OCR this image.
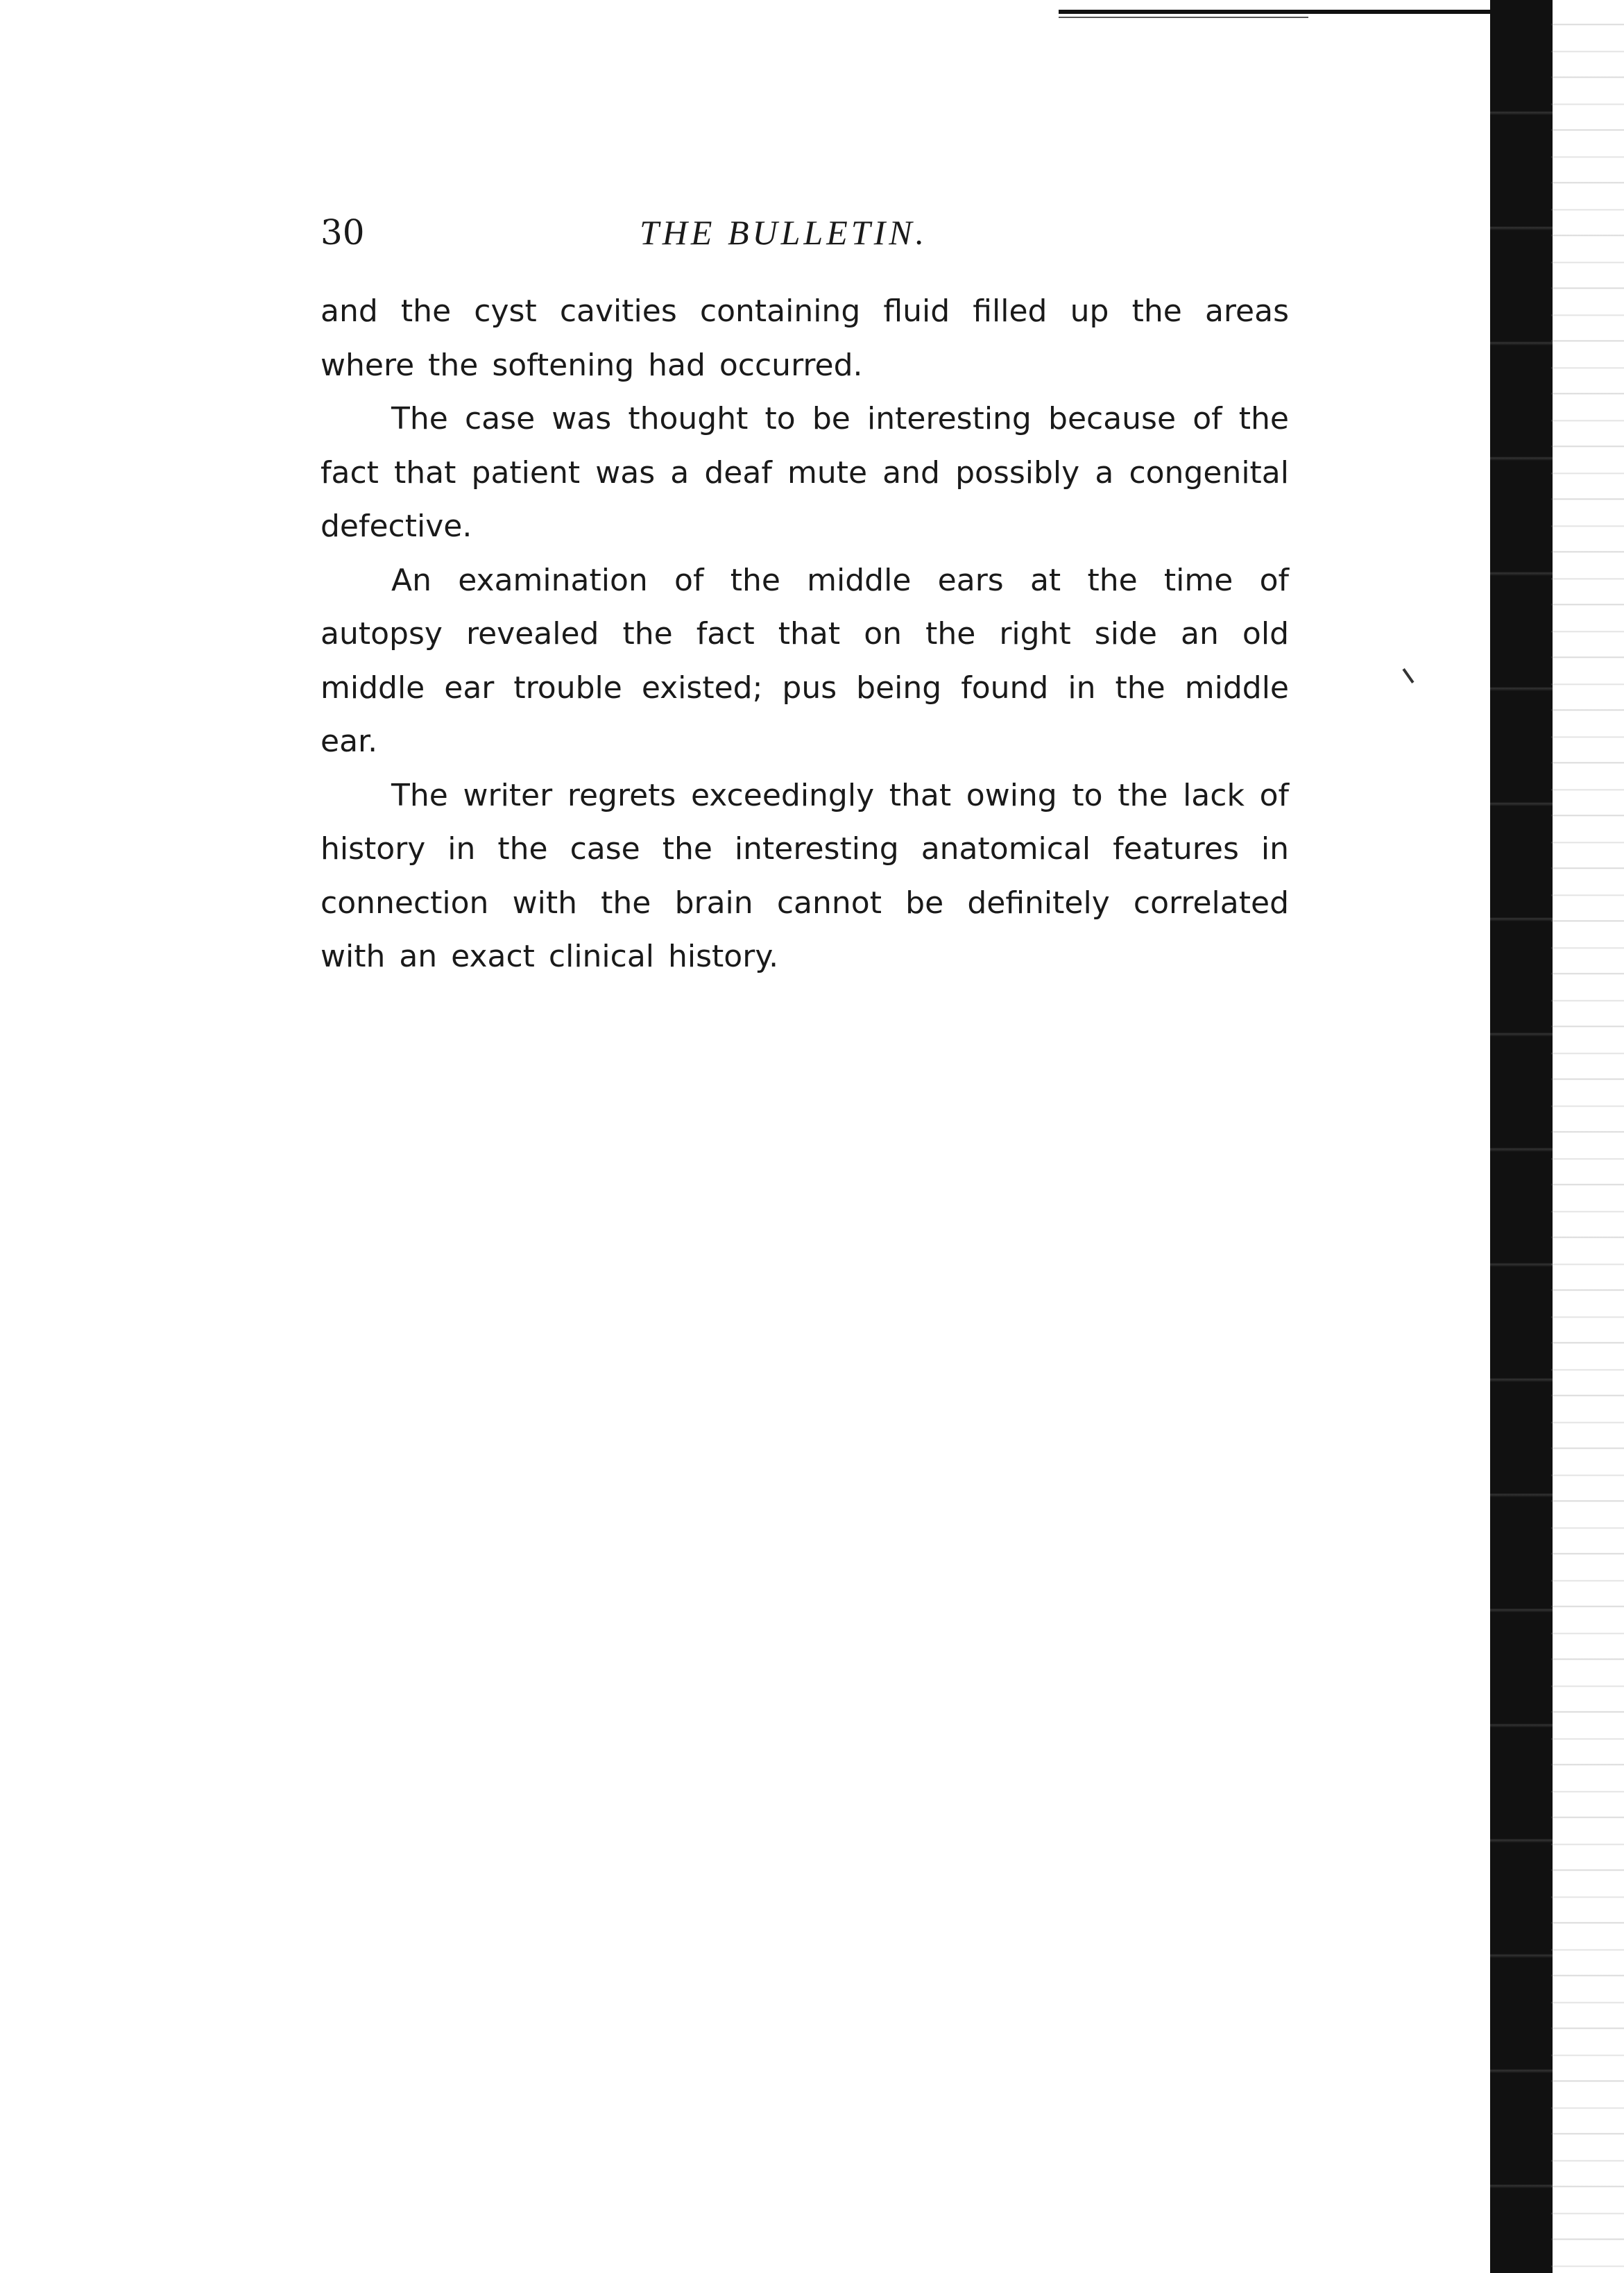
30	THE BULLETIN.

and the cyst cavities containing fluid filled up the areas where the softening had occurred.

The case was thought to be interesting because of the fact that patient was a deaf mute and possibly a congenital defective.

An examination of the middle ears at the time of autopsy revealed the fact that on the right side an old middle ear trouble existed; pus being found in the middle ear.

The writer regrets exceedingly that owing to the lack of history in the case the interesting anatomical features in connection with the brain cannot be definitely correlated with an exact clinical history.
